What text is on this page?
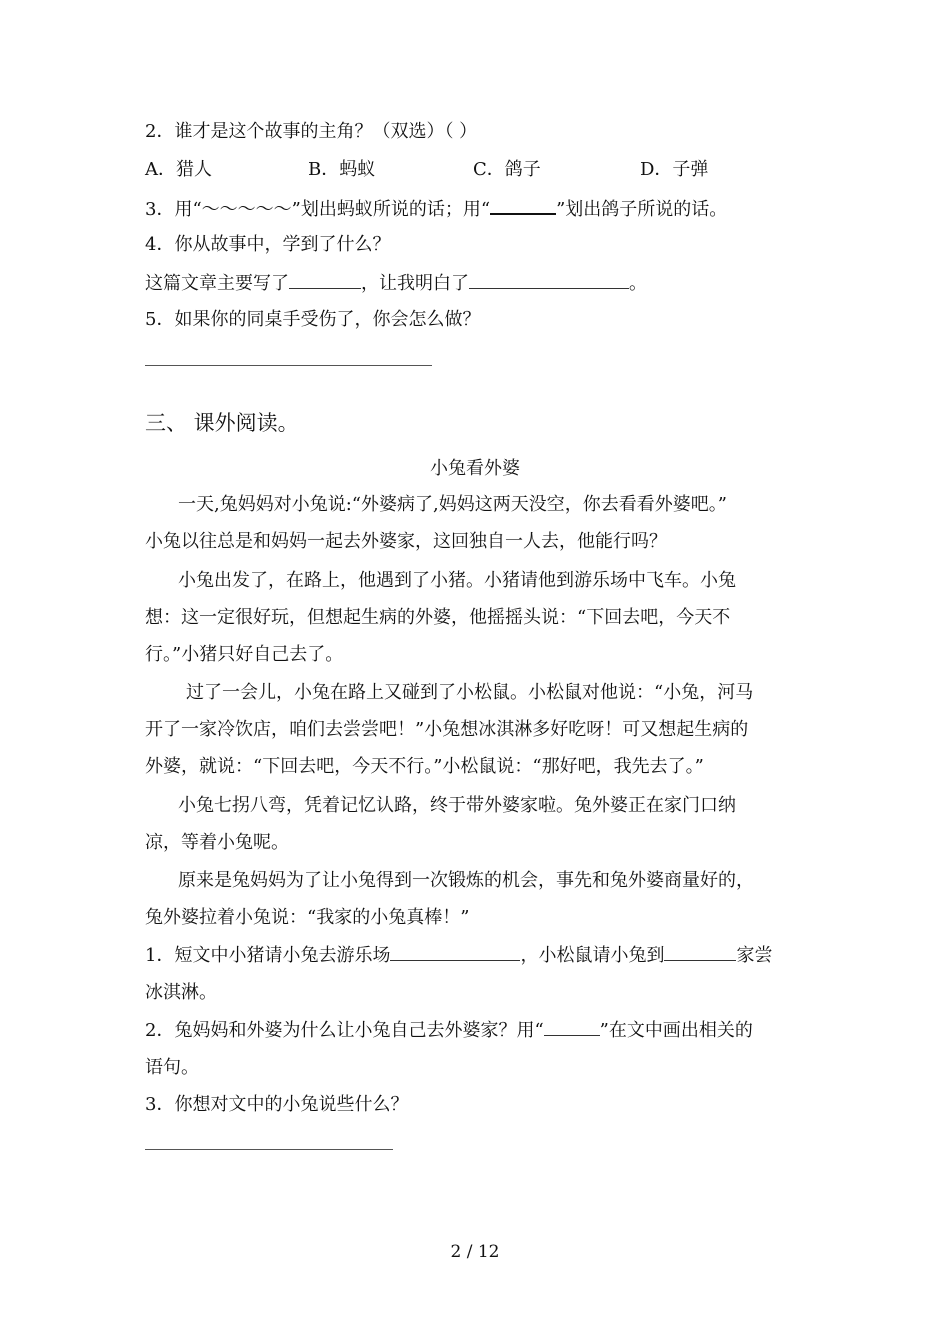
2．谁才是这个故事的主角？（双选）（ ）
A．猎人	B．蚂蚁	C．鸽子	D．子弹
3．用“～～～～～”划出蚂蚁所说的话；用“	”划出鸽子所说的话。
4．你从故事中，学到了什么？
这篇文章主要写了	，让我明白了	。
5．如果你的同桌手受伤了，你会怎么做？
三、 课外阅读。
小兔看外婆
一天,兔妈妈对小兔说:“外婆病了,妈妈这两天没空，你去看看外婆吧。”
小兔以往总是和妈妈一起去外婆家，这回独自一人去，他能行吗？
小兔出发了，在路上，他遇到了小猪。小猪请他到游乐场中飞车。小兔
想：这一定很好玩，但想起生病的外婆，他摇摇头说：“下回去吧，今天不
行。”小猪只好自己去了。
过了一会儿，小兔在路上又碰到了小松鼠。小松鼠对他说：“小兔，河马
开了一家冷饮店，咱们去尝尝吧！”小兔想冰淇淋多好吃呀！可又想起生病的
外婆，就说：“下回去吧，今天不行。”小松鼠说：“那好吧，我先去了。”
小兔七拐八弯，凭着记忆认路，终于带外婆家啦。兔外婆正在家门口纳
凉，等着小兔呢。
原来是兔妈妈为了让小兔得到一次锻炼的机会，事先和兔外婆商量好的，
兔外婆拉着小兔说：“我家的小兔真棒！”
1．短文中小猪请小兔去游乐场	，小松鼠请小兔到	家尝
冰淇淋。
2．兔妈妈和外婆为什么让小兔自己去外婆家？用“	”在文中画出相关的
语句。
3．你想对文中的小兔说些什么？
2 / 12
